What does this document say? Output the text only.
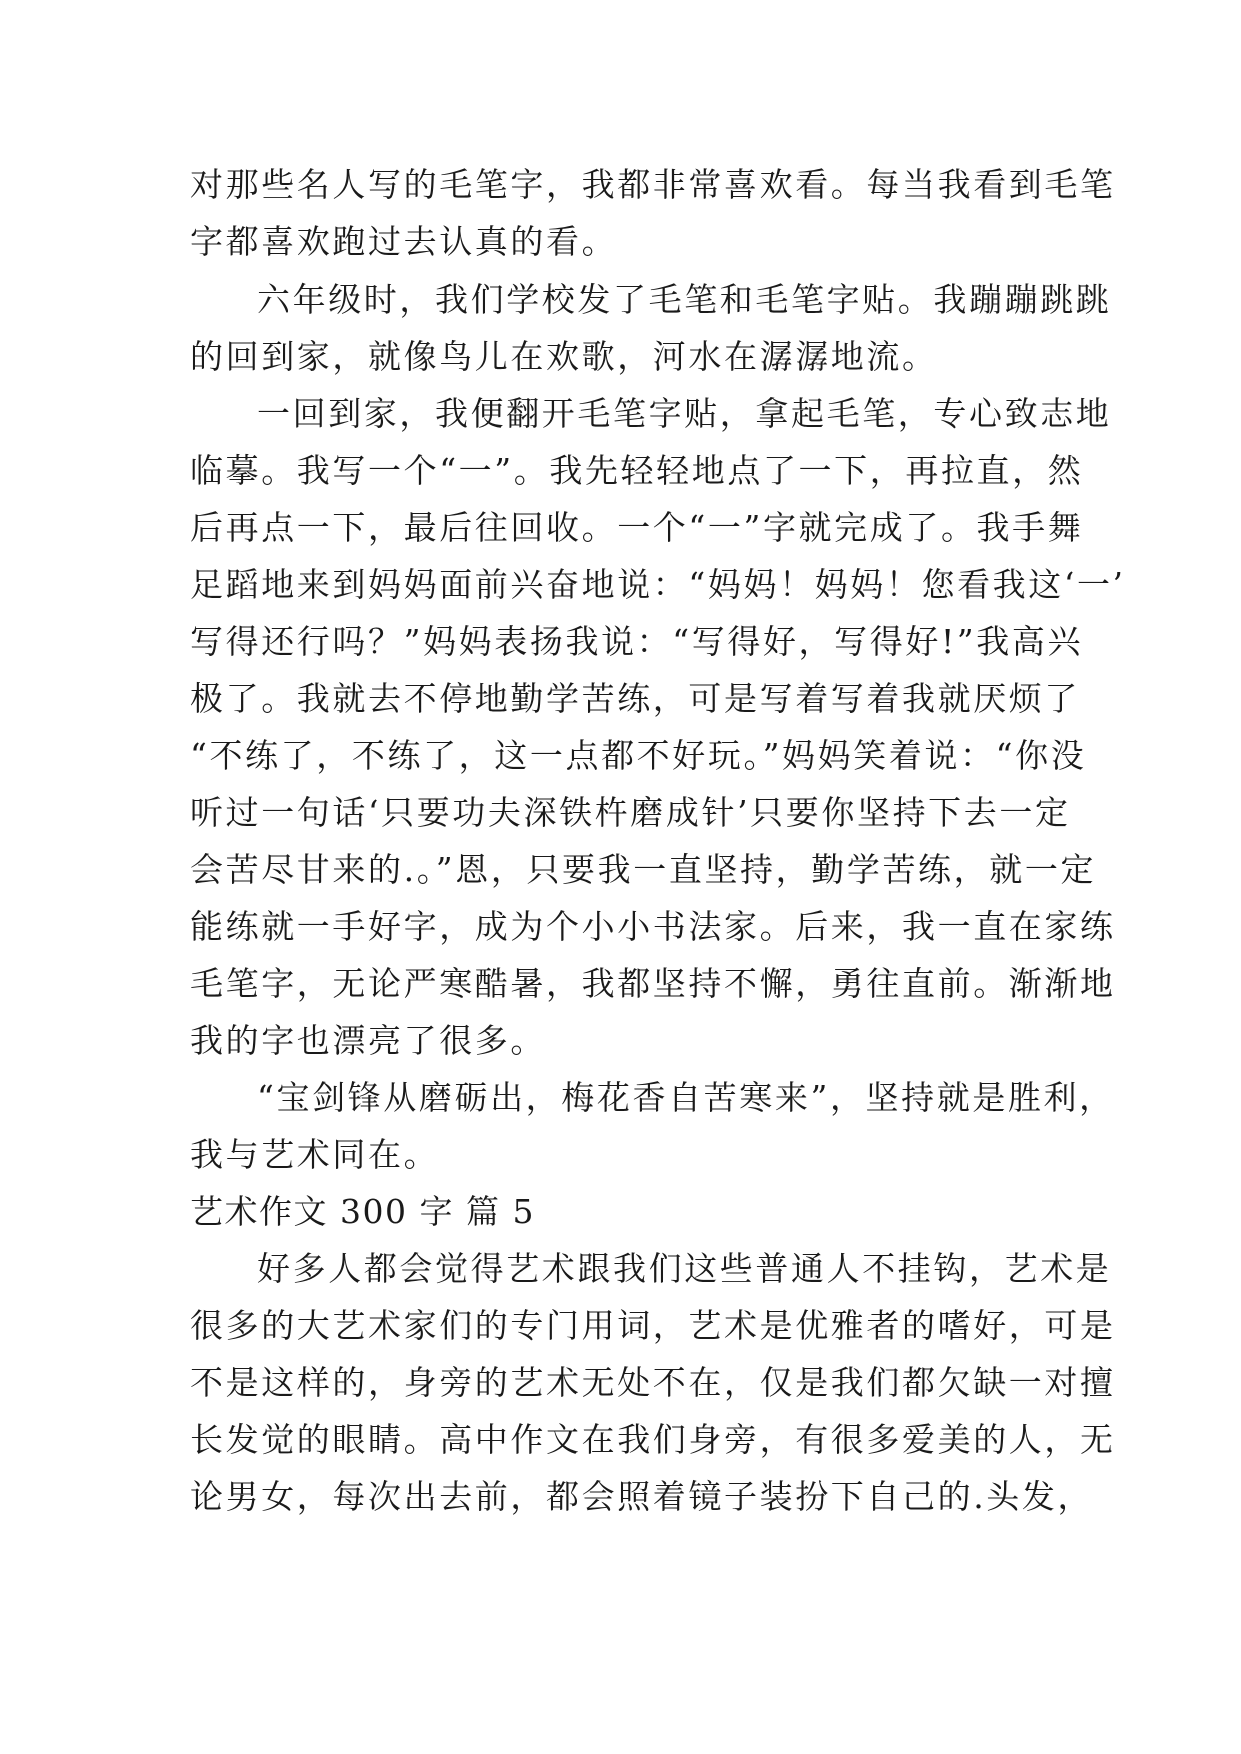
对那些名人写的毛笔字，我都非常喜欢看。每当我看到毛笔
字都喜欢跑过去认真的看。
六年级时，我们学校发了毛笔和毛笔字贴。我蹦蹦跳跳
的回到家，就像鸟儿在欢歌，河水在潺潺地流。
一回到家，我便翻开毛笔字贴，拿起毛笔，专心致志地
临摹。我写一个“一”。我先轻轻地点了一下，再拉直，然
后再点一下，最后往回收。一个“一”字就完成了。我手舞
足蹈地来到妈妈面前兴奋地说：“妈妈！妈妈！您看我这‘一’
写得还行吗？”妈妈表扬我说：“写得好，写得好!”我高兴
极了。我就去不停地勤学苦练，可是写着写着我就厌烦了
“不练了，不练了，这一点都不好玩。”妈妈笑着说：“你没
听过一句话‘只要功夫深铁杵磨成针’只要你坚持下去一定
会苦尽甘来的.。”恩，只要我一直坚持，勤学苦练，就一定
能练就一手好字，成为个小小书法家。后来，我一直在家练
毛笔字，无论严寒酷暑，我都坚持不懈，勇往直前。渐渐地
我的字也漂亮了很多。
“宝剑锋从磨砺出，梅花香自苦寒来”，坚持就是胜利，
我与艺术同在。
艺术作文 300 字 篇 5
好多人都会觉得艺术跟我们这些普通人不挂钩，艺术是
很多的大艺术家们的专门用词，艺术是优雅者的嗜好，可是
不是这样的，身旁的艺术无处不在，仅是我们都欠缺一对擅
长发觉的眼睛。高中作文在我们身旁，有很多爱美的人，无
论男女，每次出去前，都会照着镜子装扮下自己的.头发，
